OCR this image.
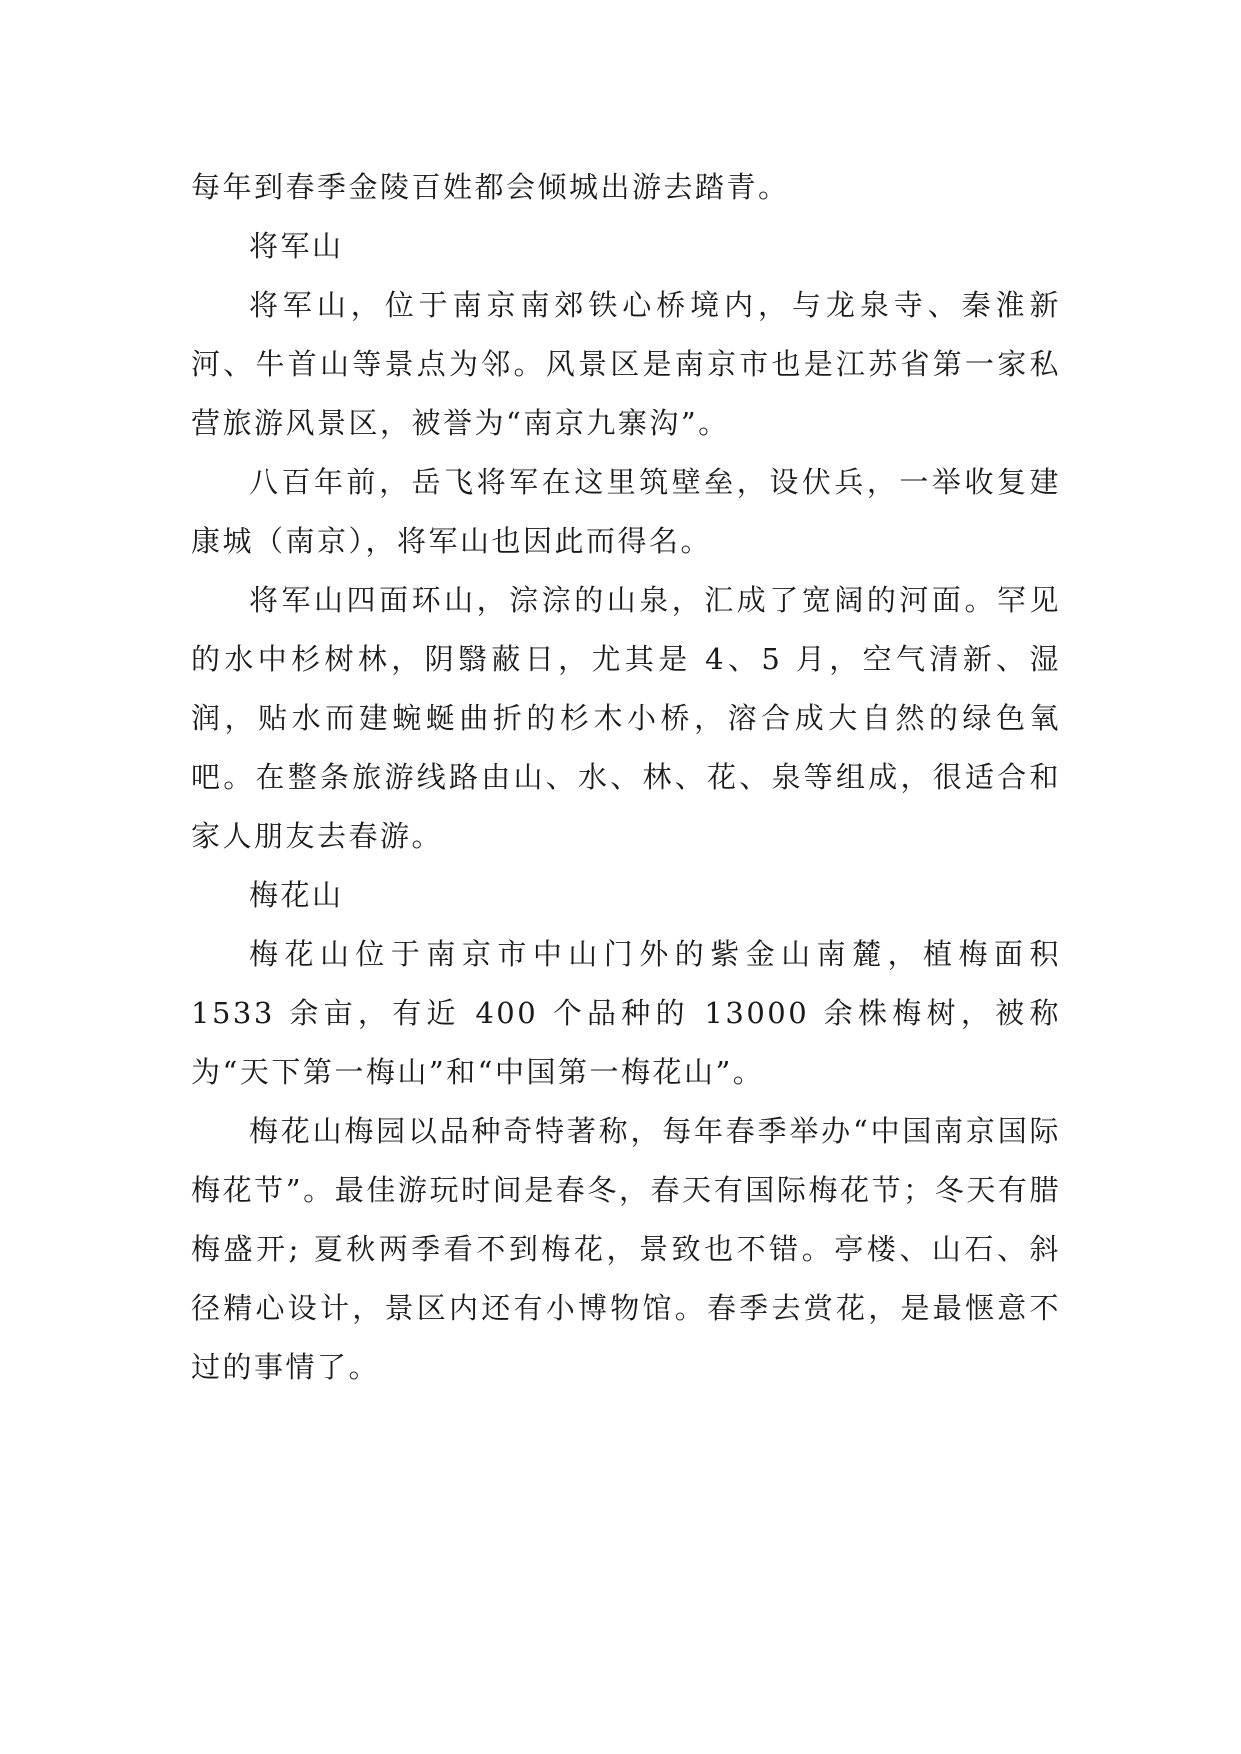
每年到春季金陵百姓都会倾城出游去踏青。

将军山

将军山，位于南京南郊铁心桥境内，与龙泉寺、秦淮新河、牛首山等景点为邻。风景区是南京市也是江苏省第一家私营旅游风景区，被誉为“南京九寨沟”。

八百年前，岳飞将军在这里筑壁垒，设伏兵，一举收复建康城（南京），将军山也因此而得名。

将军山四面环山，淙淙的山泉，汇成了宽阔的河面。罕见的水中杉树林，阴翳蔽日，尤其是 4、5 月，空气清新、湿润，贴水而建蜿蜒曲折的杉木小桥，溶合成大自然的绿色氧吧。在整条旅游线路由山、水、林、花、泉等组成，很适合和家人朋友去春游。

梅花山

梅花山位于南京市中山门外的紫金山南麓，植梅面积 1533 余亩，有近 400 个品种的 13000 余株梅树，被称为“天下第一梅山”和“中国第一梅花山”。

梅花山梅园以品种奇特著称，每年春季举办“中国南京国际梅花节”。最佳游玩时间是春冬，春天有国际梅花节；冬天有腊梅盛开; 夏秋两季看不到梅花，景致也不错。亭楼、山石、斜径精心设计，景区内还有小博物馆。春季去赏花，是最惬意不过的事情了。
